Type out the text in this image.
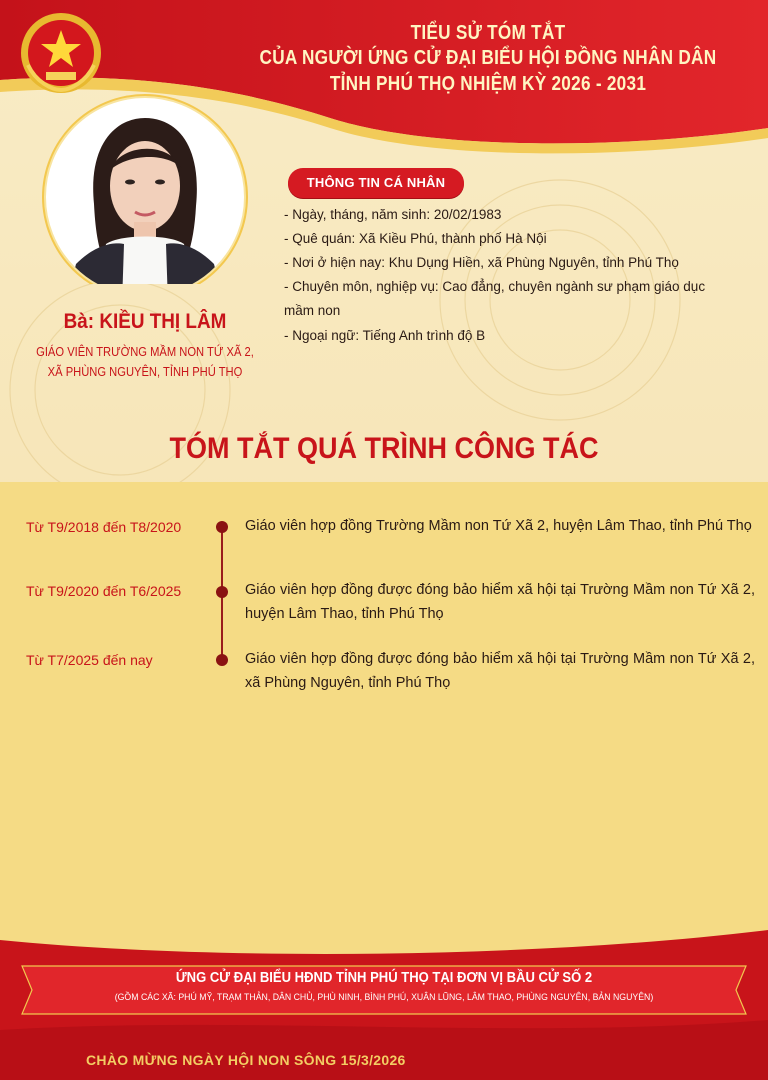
TIỂU SỬ TÓM TẮT
CỦA NGƯỜI ỨNG CỬ ĐẠI BIỂU HỘI ĐỒNG NHÂN DÂN
TỈNH PHÚ THỌ NHIỆM KỲ 2026 - 2031
Bà: KIỀU THỊ LÂM
GIÁO VIÊN TRƯỜNG MẦM NON TỨ XÃ 2,
XÃ PHÙNG NGUYÊN, TỈNH PHÚ THỌ
THÔNG TIN CÁ NHÂN
- Ngày, tháng, năm sinh: 20/02/1983
- Quê quán: Xã Kiều Phú, thành phố Hà Nội
- Nơi ở hiện nay: Khu Dụng Hiền, xã Phùng Nguyên, tỉnh Phú Thọ
- Chuyên môn, nghiệp vụ: Cao đẳng, chuyên ngành sư phạm giáo dục
mầm non
- Ngoại ngữ: Tiếng Anh trình độ B
TÓM TẮT QUÁ TRÌNH CÔNG TÁC
Từ T9/2018 đến T8/2020	Giáo viên hợp đồng Trường Mầm non Tứ Xã 2, huyện Lâm Thao, tỉnh Phú Thọ
Từ T9/2020 đến T6/2025	Giáo viên hợp đồng được đóng bảo hiểm xã hội tại Trường Mầm non Tứ Xã 2, huyện Lâm Thao, tỉnh Phú Thọ
Từ T7/2025 đến nay	Giáo viên hợp đồng được đóng bảo hiểm xã hội tại Trường Mầm non Tứ Xã 2, xã Phùng Nguyên, tỉnh Phú Thọ
ỨNG CỬ ĐẠI BIỂU HĐND TỈNH PHÚ THỌ TẠI ĐƠN VỊ BẦU CỬ SỐ 2
(GỒM CÁC XÃ: PHÚ MỸ, TRẠM THẢN, DÂN CHỦ, PHÙ NINH, BÌNH PHÚ, XUÂN LŨNG, LÂM THAO, PHÙNG NGUYÊN, BẢN NGUYÊN)
CHÀO MỪNG NGÀY HỘI NON SÔNG 15/3/2026
